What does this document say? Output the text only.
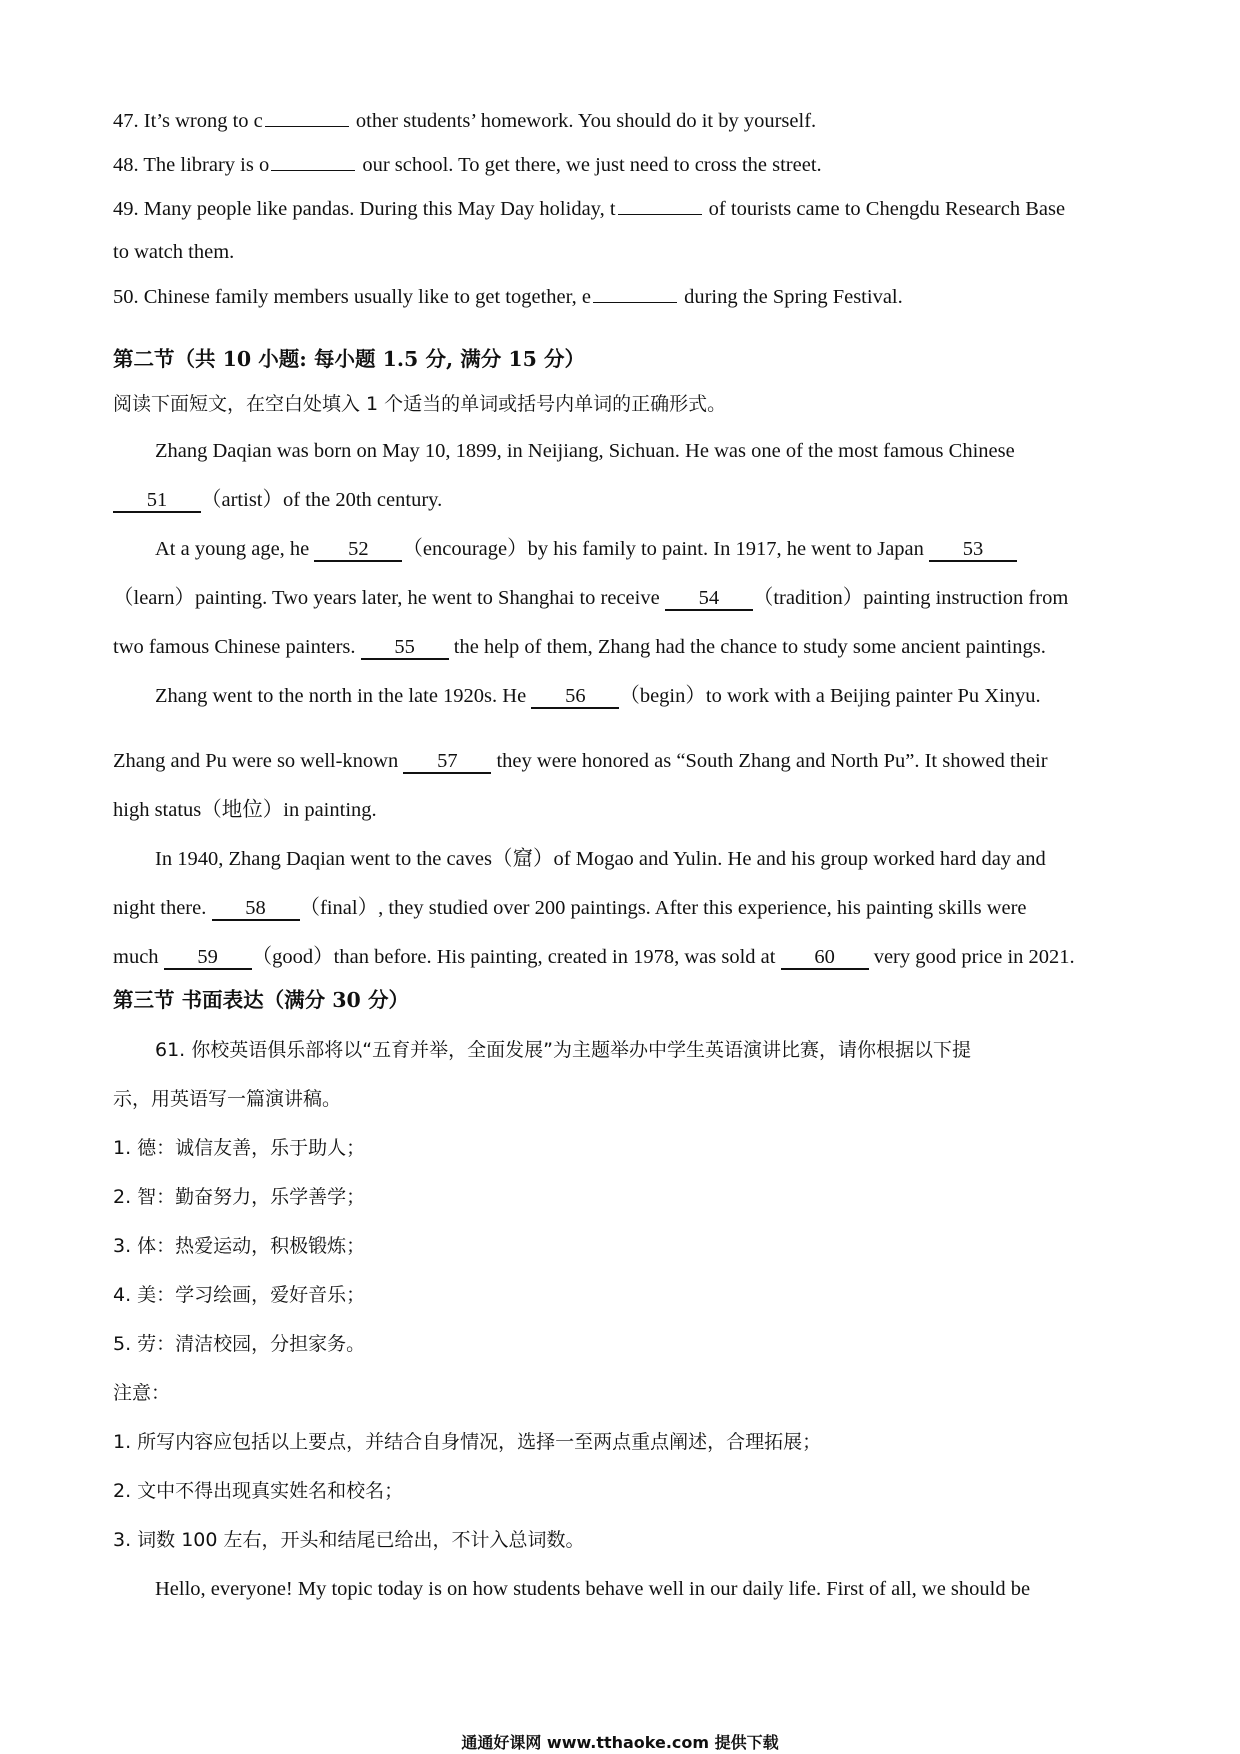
47. It’s wrong to c	other students’ homework. You should do it by yourself.
48. The library is o	our school. To get there, we just need to cross the street.
49. Many people like pandas. During this May Day holiday, t	of tourists came to Chengdu Research Base
to watch them.
50. Chinese family members usually like to get together, e	during the Spring Festival.
第二节（共 10 小题: 每小题 1.5 分, 满分 15 分）
阅读下面短文，在空白处填入 1 个适当的单词或括号内单词的正确形式。
Zhang Daqian was born on May 10, 1899, in Neijiang, Sichuan. He was one of the most famous Chinese
51 （artist）of the 20th century.
At a young age, he 52 （encourage）by his family to paint. In 1917, he went to Japan 53
（learn）painting. Two years later, he went to Shanghai to receive 54 （tradition）painting instruction from
two famous Chinese painters. 55 the help of them, Zhang had the chance to study some ancient paintings.
Zhang went to the north in the late 1920s. He 56 （begin）to work with a Beijing painter Pu Xinyu.
Zhang and Pu were so well-known 57 they were honored as “South Zhang and North Pu”. It showed their
high status（地位）in painting.
In 1940, Zhang Daqian went to the caves（窟）of Mogao and Yulin. He and his group worked hard day and
night there. 58 （final）, they studied over 200 paintings. After this experience, his painting skills were
much 59 （good）than before. His painting, created in 1978, was sold at 60 very good price in 2021.
第三节 书面表达（满分 30 分）
61. 你校英语俱乐部将以“五育并举，全面发展”为主题举办中学生英语演讲比赛，请你根据以下提
示，用英语写一篇演讲稿。
1. 德：诚信友善，乐于助人；
2. 智：勤奋努力，乐学善学；
3. 体：热爱运动，积极锻炼；
4. 美：学习绘画，爱好音乐；
5. 劳：清洁校园，分担家务。
注意：
1. 所写内容应包括以上要点，并结合自身情况，选择一至两点重点阐述，合理拓展；
2. 文中不得出现真实姓名和校名；
3. 词数 100 左右，开头和结尾已给出，不计入总词数。
Hello, everyone! My topic today is on how students behave well in our daily life. First of all, we should be
通通好课网 www.tthaoke.com 提供下载
